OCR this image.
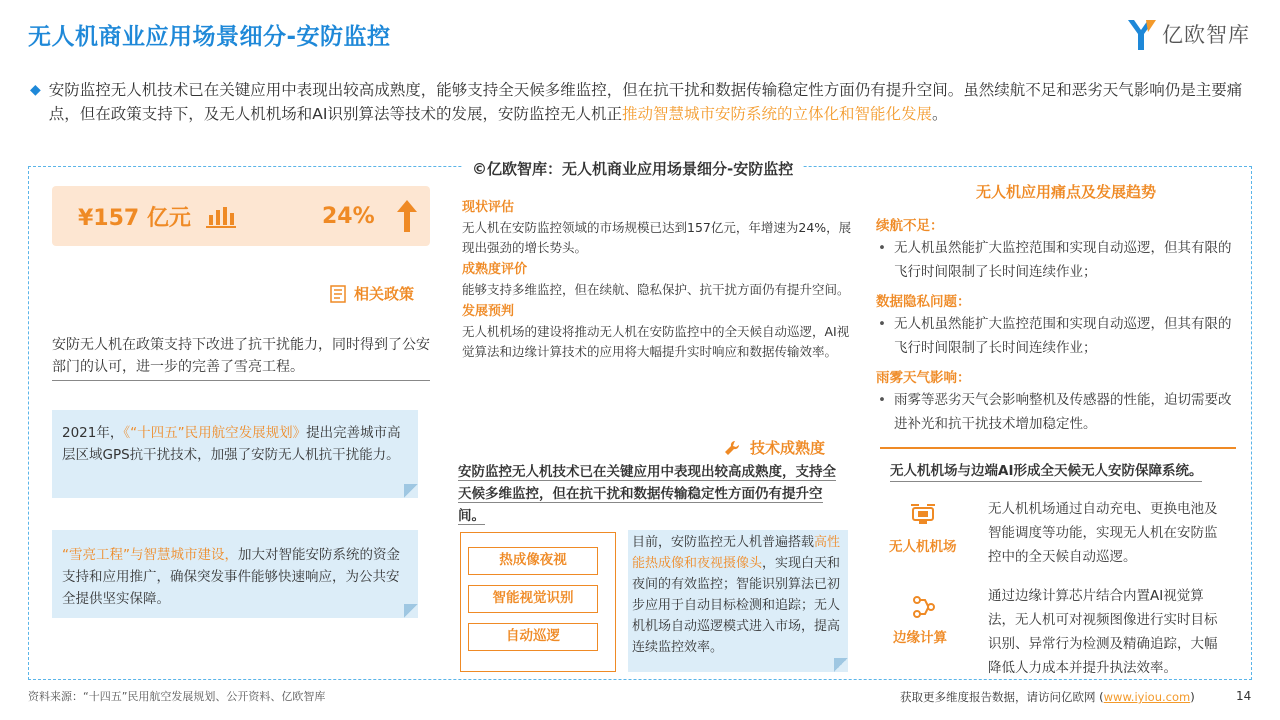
无人机商业应用场景细分-安防监控	亿欧智库
◆ 安防监控无人机技术已在关键应用中表现出较高成熟度，能够支持全天候多维监控，但在抗干扰和数据传输稳定性方面仍有提升空间。虽然续航不足和恶劣天气影响仍是主要痛点，但在政策支持下，及无人机机场和AI识别算法等技术的发展，安防监控无人机正推动智慧城市安防系统的立体化和智能化发展。
©亿欧智库：无人机商业应用场景细分-安防监控
¥157 亿元	24%
相关政策
安防无人机在政策支持下改进了抗干扰能力，同时得到了公安部门的认可，进一步的完善了雪亮工程。
2021年，《“十四五”民用航空发展规划》提出完善城市高层区域GPS抗干扰技术，加强了安防无人机抗干扰能力。
“雪亮工程”与智慧城市建设，加大对智能安防系统的资金支持和应用推广，确保突发事件能够快速响应，为公共安全提供坚实保障。
现状评估

无人机在安防监控领域的市场规模已达到157亿元，年增速为24%，展现出强劲的增长势头。

成熟度评价

能够支持多维监控，但在续航、隐私保护、抗干扰方面仍有提升空间。

发展预判

无人机机场的建设将推动无人机在安防监控中的全天候自动巡逻，AI视觉算法和边缘计算技术的应用将大幅提升实时响应和数据传输效率。

技术成熟度
安防监控无人机技术已在关键应用中表现出较高成熟度，支持全天候多维监控，但在抗干扰和数据传输稳定性方面仍有提升空间。
热成像夜视
智能视觉识别
自动巡逻
目前，安防监控无人机普遍搭载高性能热成像和夜视摄像头，实现白天和夜间的有效监控；智能识别算法已初步应用于自动目标检测和追踪；无人机机场自动巡逻模式进入市场，提高连续监控效率。
无人机应用痛点及发展趋势
续航不足：
• 无人机虽然能扩大监控范围和实现自动巡逻，但其有限的飞行时间限制了长时间连续作业；
数据隐私问题：
• 无人机虽然能扩大监控范围和实现自动巡逻，但其有限的飞行时间限制了长时间连续作业；
雨雾天气影响：
• 雨雾等恶劣天气会影响整机及传感器的性能，迫切需要改进补光和抗干扰技术增加稳定性。
无人机机场与边端AI形成全天候无人安防保障系统。
无人机机场
无人机机场通过自动充电、更换电池及智能调度等功能，实现无人机在安防监控中的全天候自动巡逻。
边缘计算
通过边缘计算芯片结合内置AI视觉算法，无人机可对视频图像进行实时目标识别、异常行为检测及精确追踪，大幅降低人力成本并提升执法效率。
资料来源：“十四五”民用航空发展规划、公开资料、亿欧智库	获取更多维度报告数据，请访问亿欧网 (www.iyiou.com)	14
